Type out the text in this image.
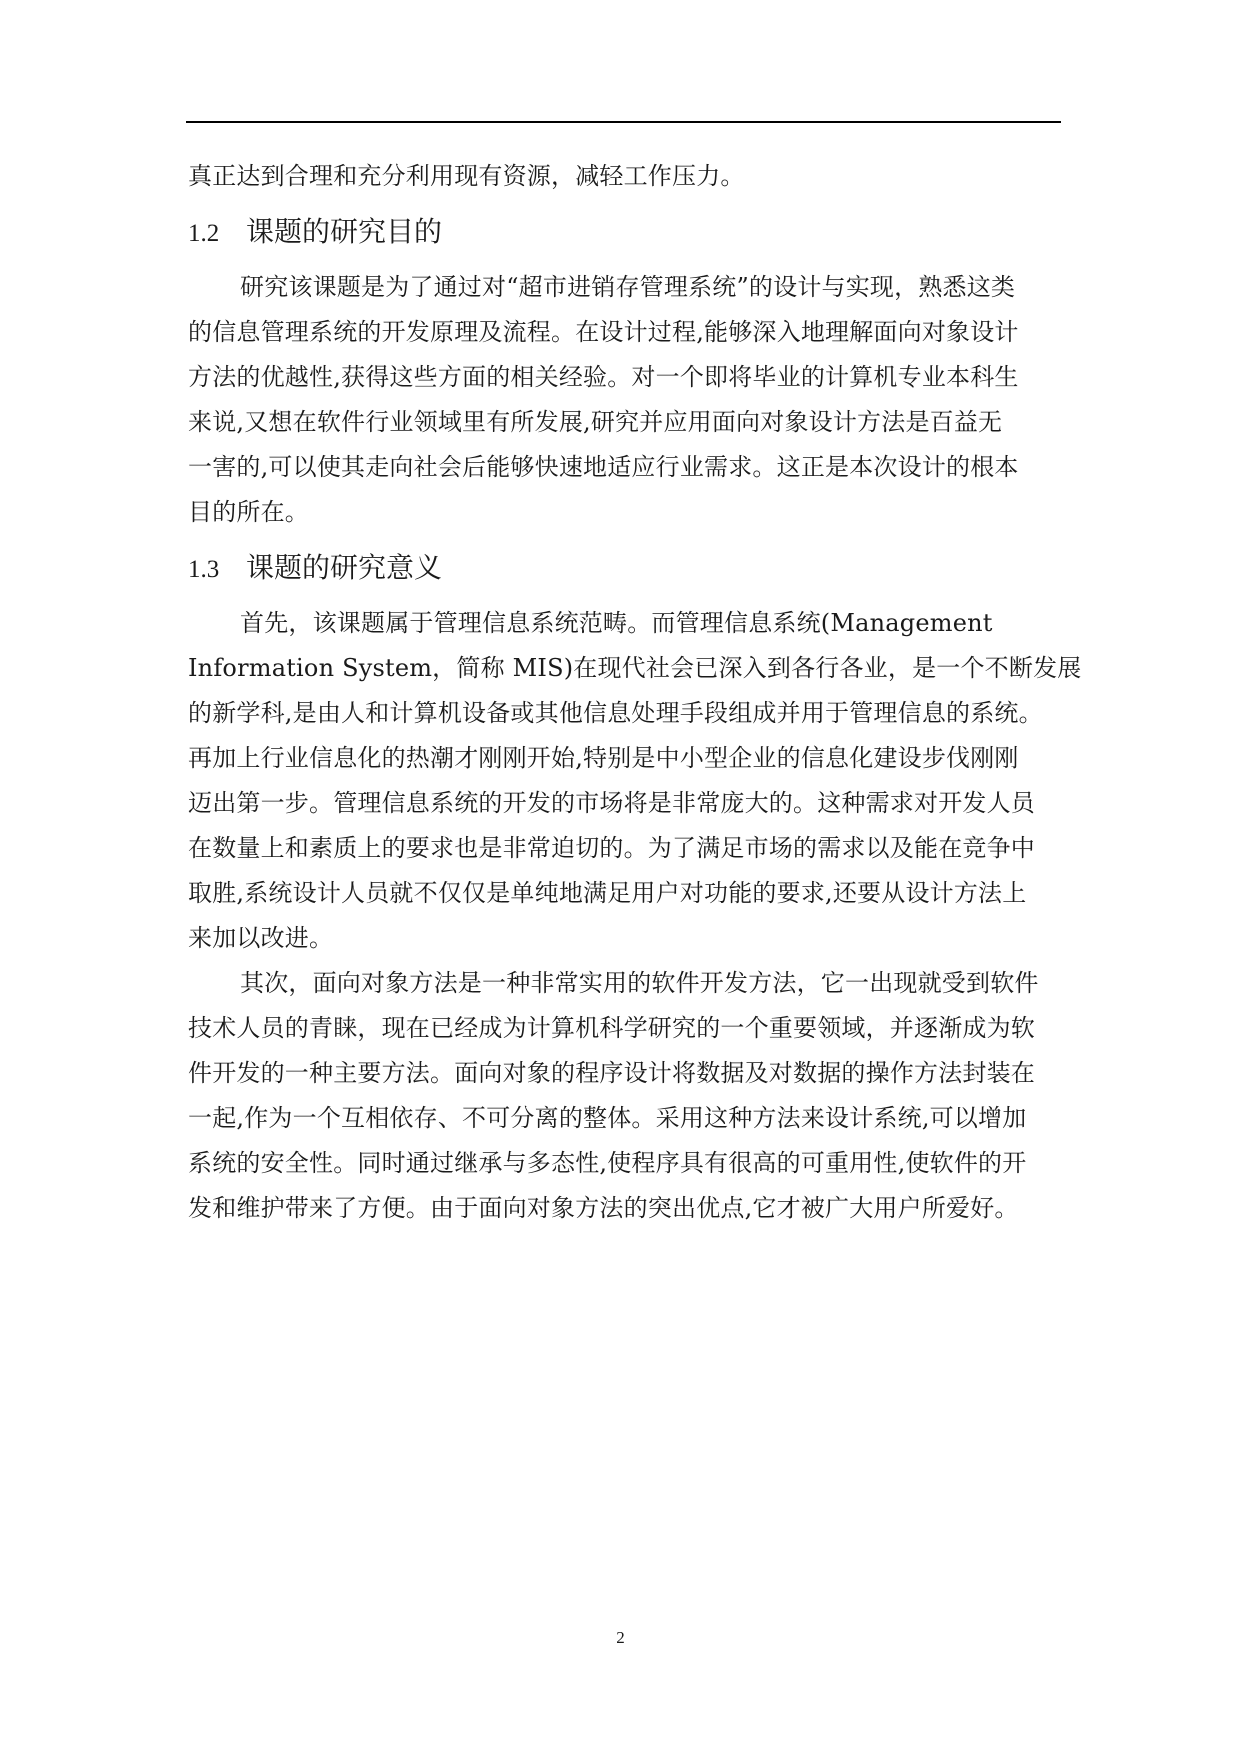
真正达到合理和充分利用现有资源，减轻工作压力。
1.2 课题的研究目的
研究该课题是为了通过对“超市进销存管理系统”的设计与实现，熟悉这类
的信息管理系统的开发原理及流程。在设计过程,能够深入地理解面向对象设计
方法的优越性,获得这些方面的相关经验。对一个即将毕业的计算机专业本科生
来说,又想在软件行业领域里有所发展,研究并应用面向对象设计方法是百益无
一害的,可以使其走向社会后能够快速地适应行业需求。这正是本次设计的根本
目的所在。
1.3 课题的研究意义
首先，该课题属于管理信息系统范畴。而管理信息系统(Management
Information System，简称 MIS)在现代社会已深入到各行各业，是一个不断发展
的新学科,是由人和计算机设备或其他信息处理手段组成并用于管理信息的系统。
再加上行业信息化的热潮才刚刚开始,特别是中小型企业的信息化建设步伐刚刚
迈出第一步。管理信息系统的开发的市场将是非常庞大的。这种需求对开发人员
在数量上和素质上的要求也是非常迫切的。为了满足市场的需求以及能在竞争中
取胜,系统设计人员就不仅仅是单纯地满足用户对功能的要求,还要从设计方法上
来加以改进。
其次，面向对象方法是一种非常实用的软件开发方法，它一出现就受到软件
技术人员的青睐，现在已经成为计算机科学研究的一个重要领域，并逐渐成为软
件开发的一种主要方法。面向对象的程序设计将数据及对数据的操作方法封装在
一起,作为一个互相依存、不可分离的整体。采用这种方法来设计系统,可以增加
系统的安全性。同时通过继承与多态性,使程序具有很高的可重用性,使软件的开
发和维护带来了方便。由于面向对象方法的突出优点,它才被广大用户所爱好。
2
